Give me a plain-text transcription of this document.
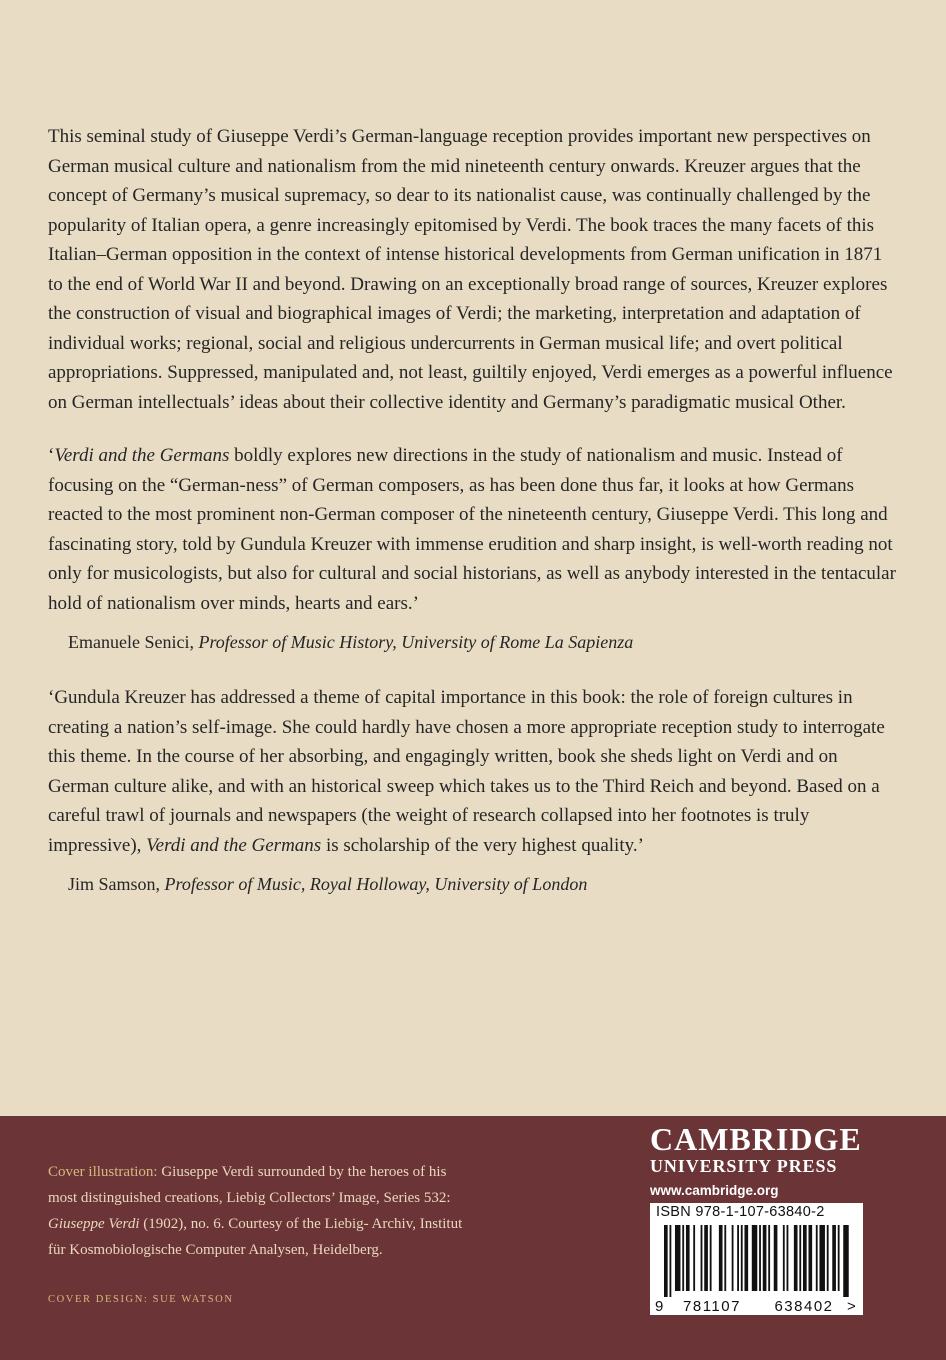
This seminal study of Giuseppe Verdi’s German-language reception provides important new perspectives on German musical culture and nationalism from the mid nineteenth century onwards. Kreuzer argues that the concept of Germany’s musical supremacy, so dear to its nationalist cause, was continually challenged by the popularity of Italian opera, a genre increasingly epitomised by Verdi. The book traces the many facets of this Italian–German opposition in the context of intense historical developments from German unification in 1871 to the end of World War II and beyond. Drawing on an exceptionally broad range of sources, Kreuzer explores the construction of visual and biographical images of Verdi; the marketing, interpretation and adaptation of individual works; regional, social and religious undercurrents in German musical life; and overt political appropriations. Suppressed, manipulated and, not least, guiltily enjoyed, Verdi emerges as a powerful influence on German intellectuals’ ideas about their collective identity and Germany’s paradigmatic musical Other.

‘Verdi and the Germans boldly explores new directions in the study of nationalism and music. Instead of focusing on the “German-ness” of German composers, as has been done thus far, it looks at how Germans reacted to the most prominent non-German composer of the nineteenth century, Giuseppe Verdi. This long and fascinating story, told by Gundula Kreuzer with immense erudition and sharp insight, is well-worth reading not only for musicologists, but also for cultural and social historians, as well as anybody interested in the tentacular hold of nationalism over minds, hearts and ears.’

Emanuele Senici, Professor of Music History, University of Rome La Sapienza

‘Gundula Kreuzer has addressed a theme of capital importance in this book: the role of foreign cultures in creating a nation’s self-image. She could hardly have chosen a more appropriate reception study to interrogate this theme. In the course of her absorbing, and engagingly written, book she sheds light on Verdi and on German culture alike, and with an historical sweep which takes us to the Third Reich and beyond. Based on a careful trawl of journals and newspapers (the weight of research collapsed into her footnotes is truly impressive), Verdi and the Germans is scholarship of the very highest quality.’

Jim Samson, Professor of Music, Royal Holloway, University of London

Cover illustration: Giuseppe Verdi surrounded by the heroes of his most distinguished creations, Liebig Collectors’ Image, Series 532: Giuseppe Verdi (1902), no. 6. Courtesy of the Liebig- Archiv, Institut für Kosmobiologische Computer Analysen, Heidelberg.
COVER DESIGN: SUE WATSON
CAMBRIDGE
UNIVERSITY PRESS
www.cambridge.org
ISBN 978-1-107-63840-2
9 781107 638402 >
